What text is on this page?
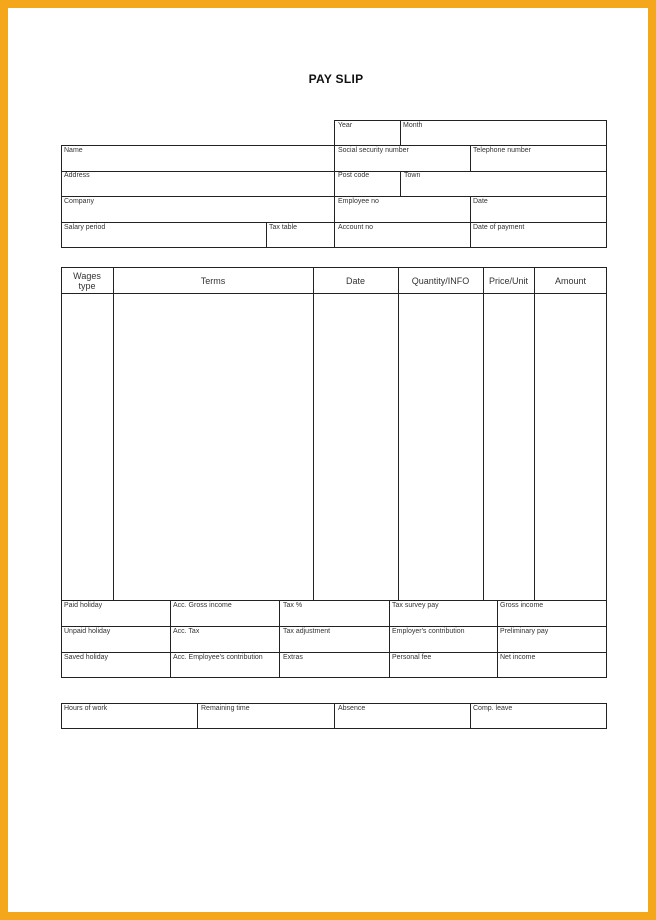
PAY SLIP
Year	Month
Name	Social security number	Telephone number
Address	Post code	Town
Company	Employee no	Date
Salary period	Tax table	Account no	Date of payment
Wages type	Terms	Date	Quantity/INFO	Price/Unit	Amount
Paid holiday	Acc. Gross income	Tax %	Tax survey pay	Gross income
Unpaid holiday	Acc. Tax	Tax adjustment	Employer's contribution	Preliminary pay
Saved holiday	Acc. Employee's contribution	Extras	Personal fee	Net income
Hours of work	Remaining time	Absence	Comp. leave
